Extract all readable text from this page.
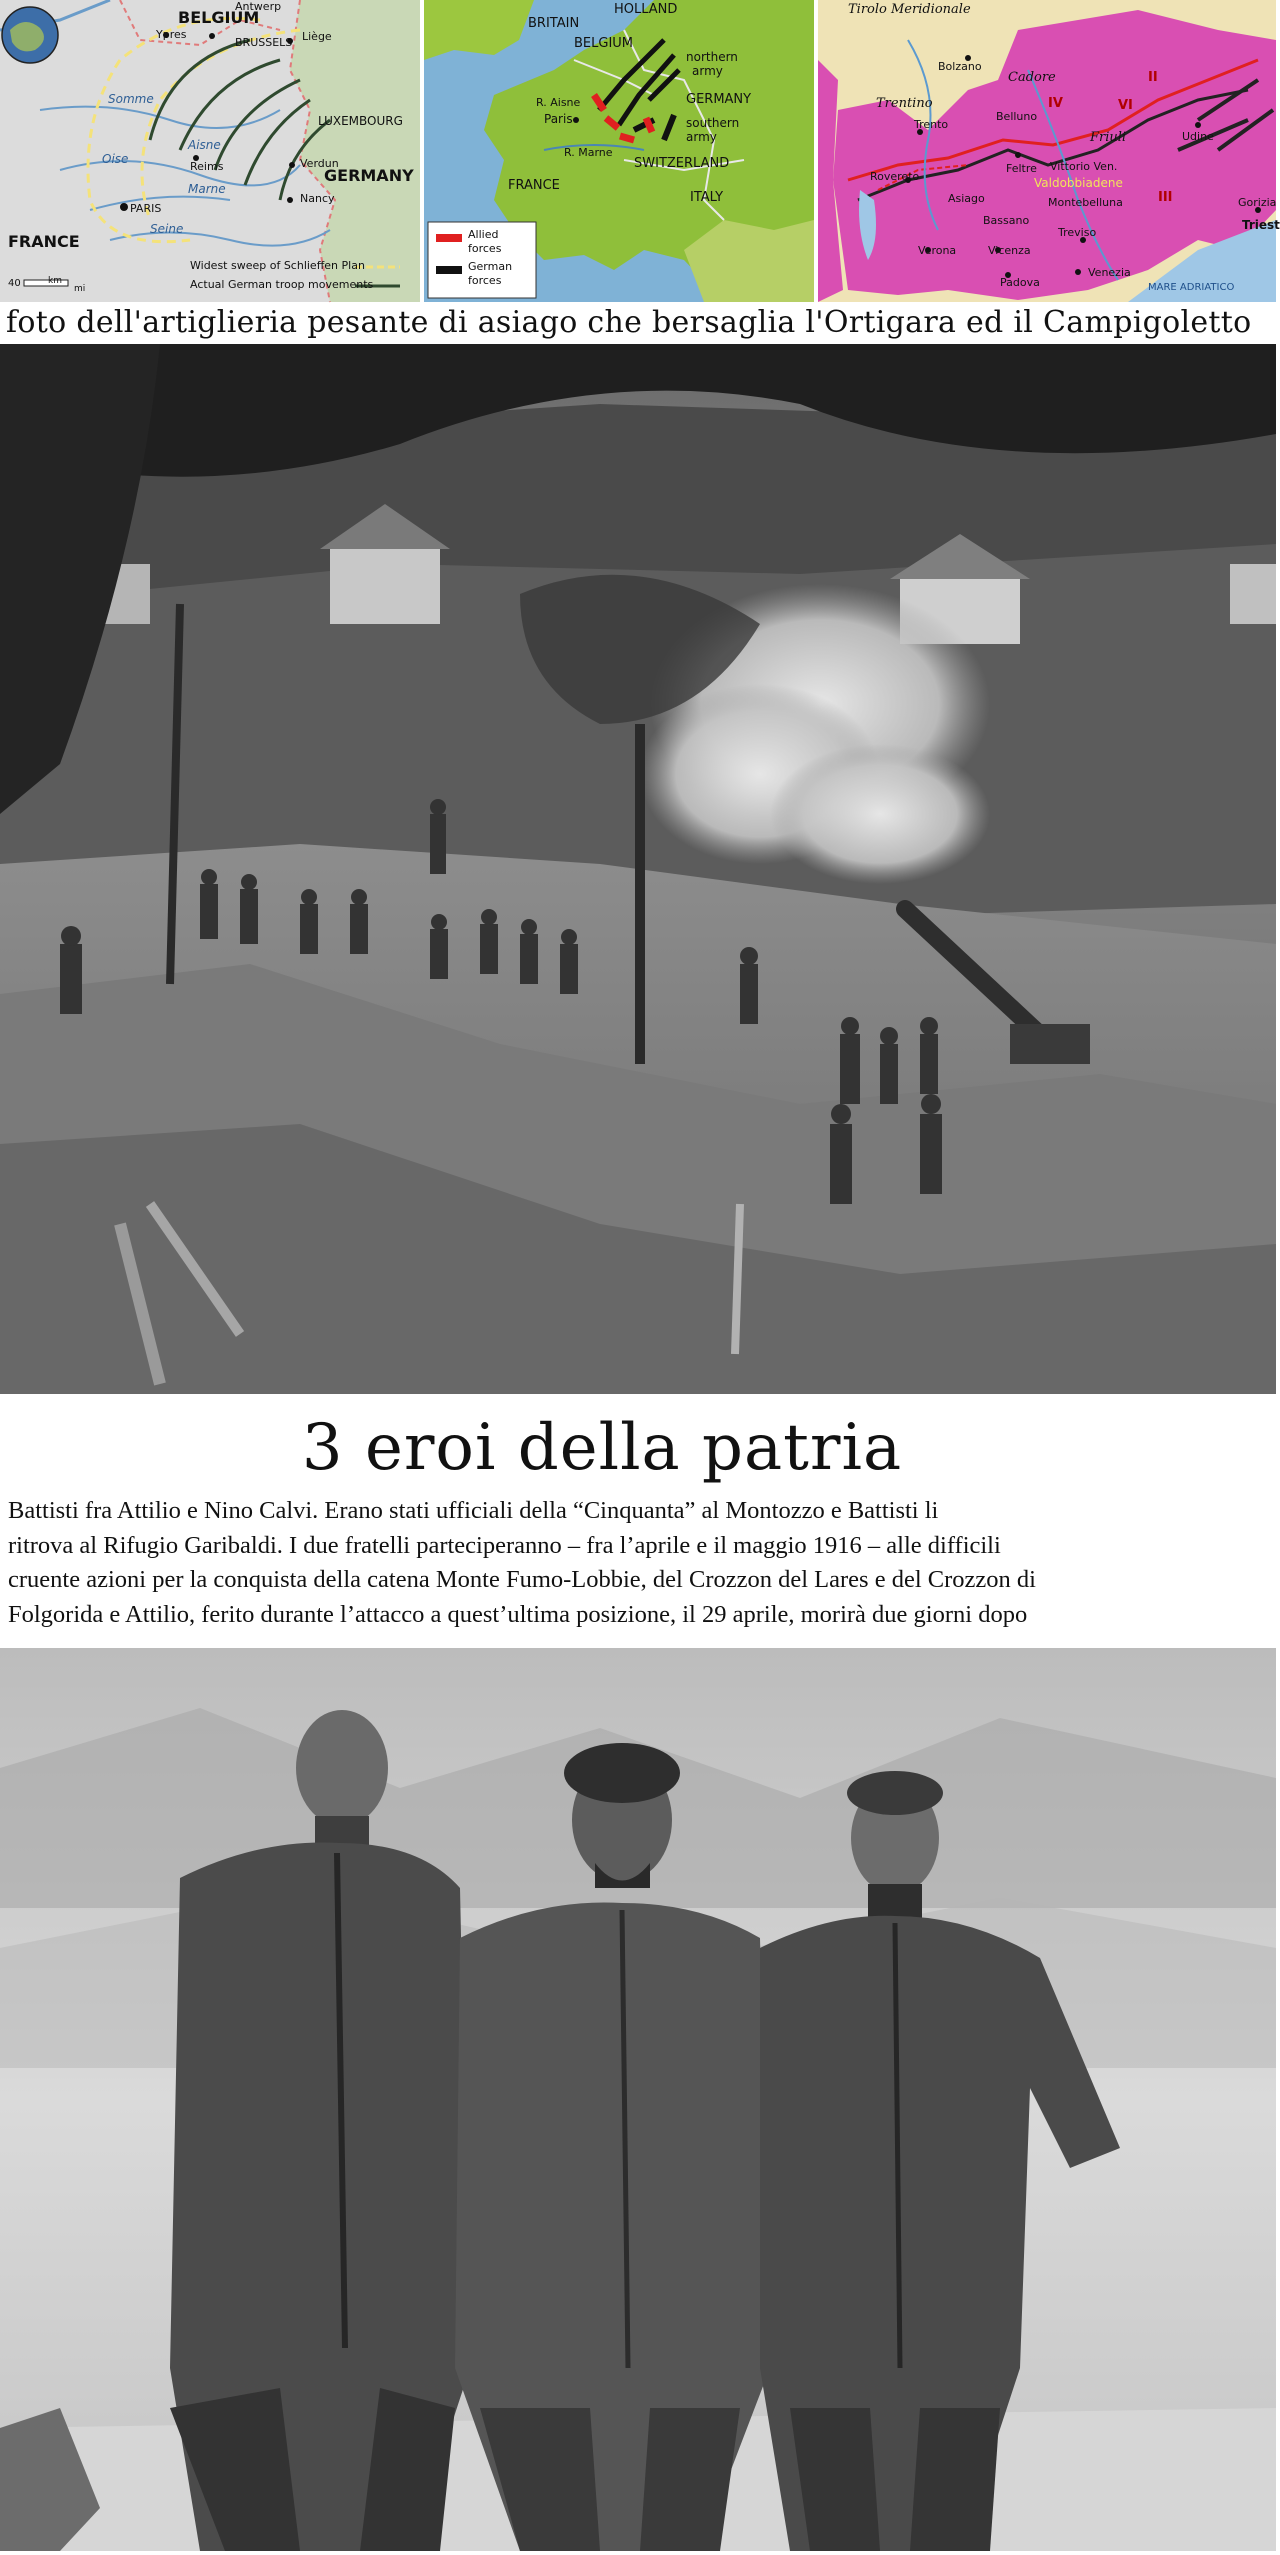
Antwerp
BELGIUM
Ypres
BRUSSELS Liège
LUXEMBOURG
Somme
Oise
Aisne
Reims
Marne
Verdun
GERMANY
Nancy
PARIS
Seine
FRANCE
Widest sweep of Schlieffen Plan
Actual German troop movements
40	km
mi
HOLLAND
BRITAIN
BELGIUM
northern
army
GERMANY
R. Aisne
Paris	southern
army
R. Marne
SWITZERLAND
FRANCE
ITALY
Allied
forces
German
forces
Tirolo Meridionale
Bolzano
Trentino
Trento
Rovereto
Cadore
Belluno
Friuli	Udine
Vittorio Ven.
Feltre
Valdobbiadene
Asiago	Montebelluna
Bassano
Treviso
Verona	Vicenza
Padova
Venezia
Gorizia
Triest
MARE ADRIATICO
II
III
IV	VI
foto dell'artiglieria pesante di asiago che bersaglia l'Ortigara ed il Campigoletto
3 eroi della patria
Battisti fra Attilio e Nino Calvi. Erano stati ufficiali della “Cinquanta” al Montozzo e Battisti li
ritrova al Rifugio Garibaldi. I due fratelli parteciperanno – fra l’aprile e il maggio 1916 – alle difficili
cruente azioni per la conquista della catena Monte Fumo-Lobbie, del Crozzon del Lares e del Crozzon di
Folgorida e Attilio, ferito durante l’attacco a quest’ultima posizione, il 29 aprile, morirà due giorni dopo
